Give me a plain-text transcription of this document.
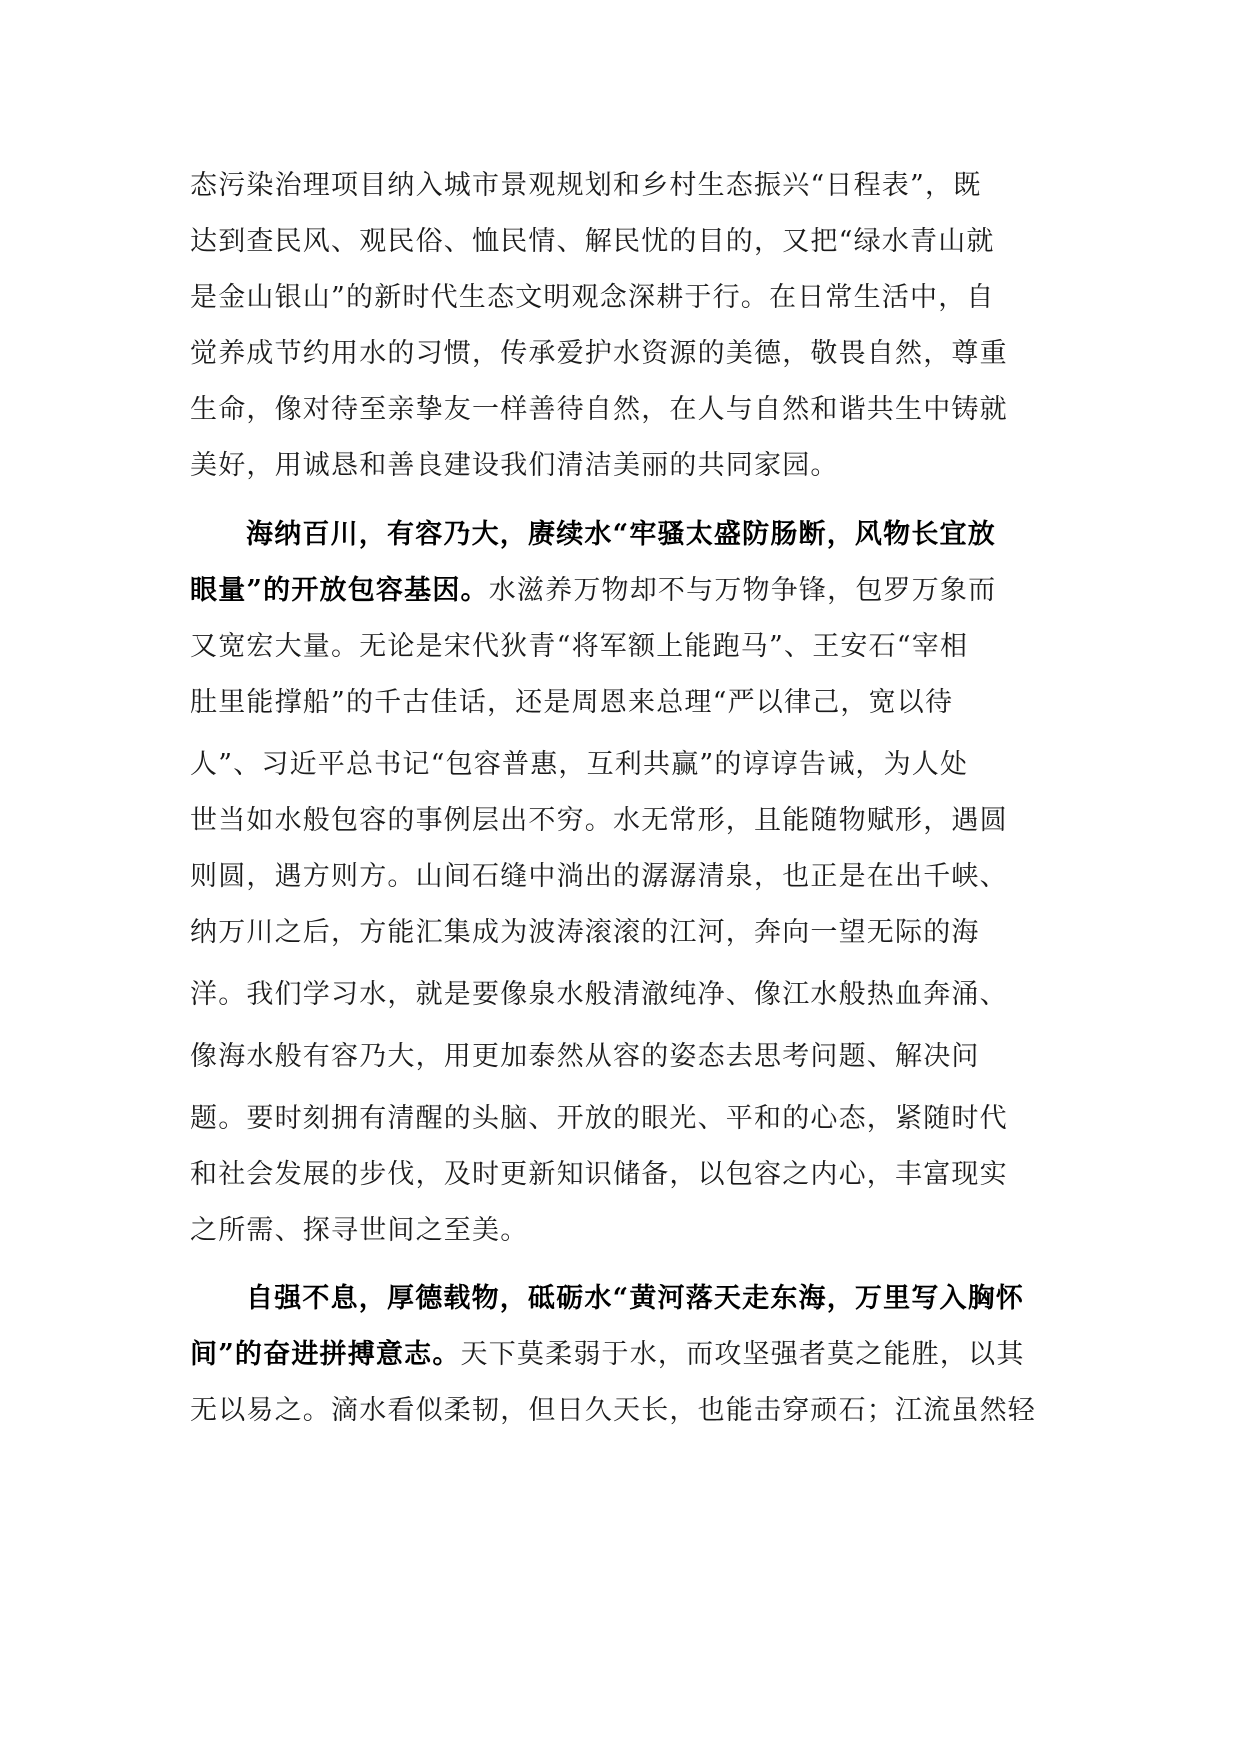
态污染治理项目纳入城市景观规划和乡村生态振兴“日程表”，既
达到查民风、观民俗、恤民情、解民忧的目的，又把“绿水青山就
是金山银山”的新时代生态文明观念深耕于行。在日常生活中，自
觉养成节约用水的习惯，传承爱护水资源的美德，敬畏自然，尊重
生命，像对待至亲挚友一样善待自然，在人与自然和谐共生中铸就
美好，用诚恳和善良建设我们清洁美丽的共同家园。
海纳百川，有容乃大，赓续水“牢骚太盛防肠断，风物长宜放
眼量”的开放包容基因。水滋养万物却不与万物争锋，包罗万象而
又宽宏大量。无论是宋代狄青“将军额上能跑马”、王安石“宰相
肚里能撑船”的千古佳话，还是周恩来总理“严以律己，宽以待
人”、习近平总书记“包容普惠，互利共赢”的谆谆告诫，为人处
世当如水般包容的事例层出不穷。水无常形，且能随物赋形，遇圆
则圆，遇方则方。山间石缝中淌出的潺潺清泉，也正是在出千峡、
纳万川之后，方能汇集成为波涛滚滚的江河，奔向一望无际的海
洋。我们学习水，就是要像泉水般清澈纯净、像江水般热血奔涌、
像海水般有容乃大，用更加泰然从容的姿态去思考问题、解决问
题。要时刻拥有清醒的头脑、开放的眼光、平和的心态，紧随时代
和社会发展的步伐，及时更新知识储备，以包容之内心，丰富现实
之所需、探寻世间之至美。
自强不息，厚德载物，砥砺水“黄河落天走东海，万里写入胸怀
间”的奋进拼搏意志。天下莫柔弱于水，而攻坚强者莫之能胜，以其
无以易之。滴水看似柔韧，但日久天长，也能击穿顽石；江流虽然轻
